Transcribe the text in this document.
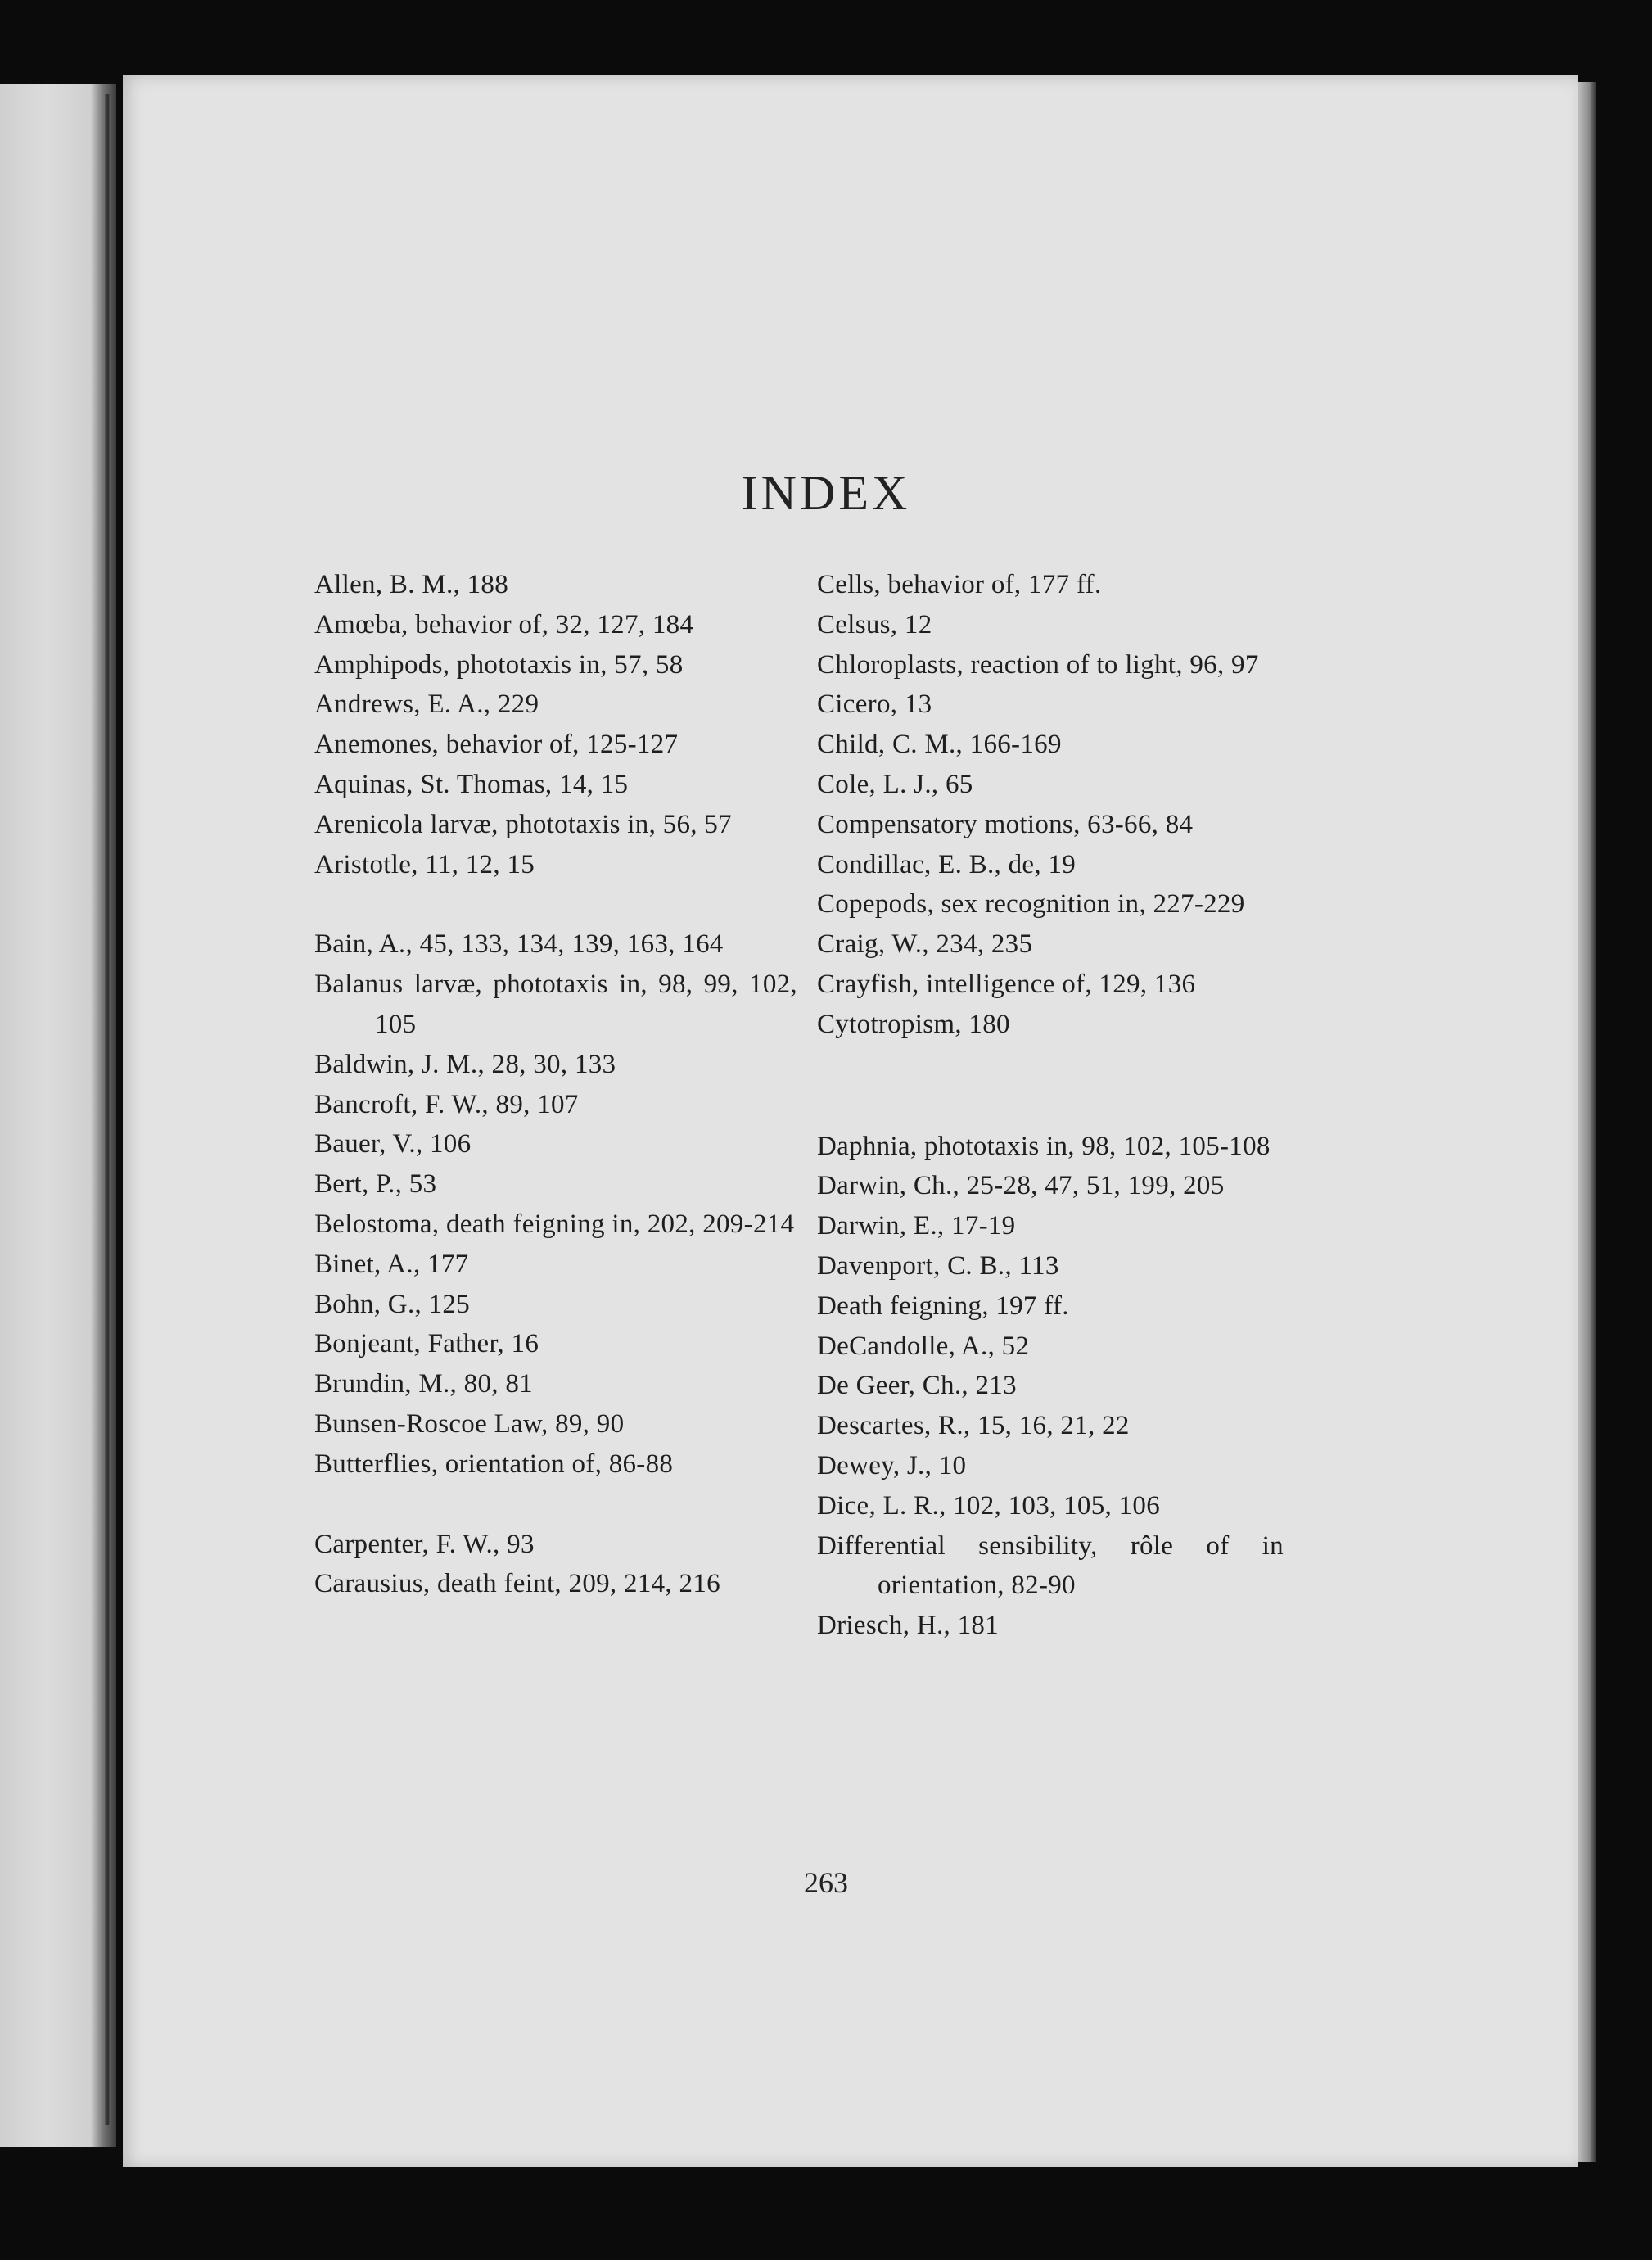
INDEX
Allen, B. M., 188
Amœba, behavior of, 32, 127, 184
Amphipods, phototaxis in, 57, 58
Andrews, E. A., 229
Anemones, behavior of, 125-127
Aquinas, St. Thomas, 14, 15
Arenicola larvæ, phototaxis in, 56, 57
Aristotle, 11, 12, 15
Bain, A., 45, 133, 134, 139, 163, 164
Balanus larvæ, phototaxis in, 98, 99, 102, 105
Baldwin, J. M., 28, 30, 133
Bancroft, F. W., 89, 107
Bauer, V., 106
Bert, P., 53
Belostoma, death feigning in, 202, 209-214
Binet, A., 177
Bohn, G., 125
Bonjeant, Father, 16
Brundin, M., 80, 81
Bunsen-Roscoe Law, 89, 90
Butterflies, orientation of, 86-88
Carpenter, F. W., 93
Carausius, death feint, 209, 214, 216
Cells, behavior of, 177 ff.
Celsus, 12
Chloroplasts, reaction of to light, 96, 97
Cicero, 13
Child, C. M., 166-169
Cole, L. J., 65
Compensatory motions, 63-66, 84
Condillac, E. B., de, 19
Copepods, sex recognition in, 227-229
Craig, W., 234, 235
Crayfish, intelligence of, 129, 136
Cytotropism, 180
Daphnia, phototaxis in, 98, 102, 105-108
Darwin, Ch., 25-28, 47, 51, 199, 205
Darwin, E., 17-19
Davenport, C. B., 113
Death feigning, 197 ff.
DeCandolle, A., 52
De Geer, Ch., 213
Descartes, R., 15, 16, 21, 22
Dewey, J., 10
Dice, L. R., 102, 103, 105, 106
Differential sensibility, rôle of in orientation, 82-90
Driesch, H., 181
263
